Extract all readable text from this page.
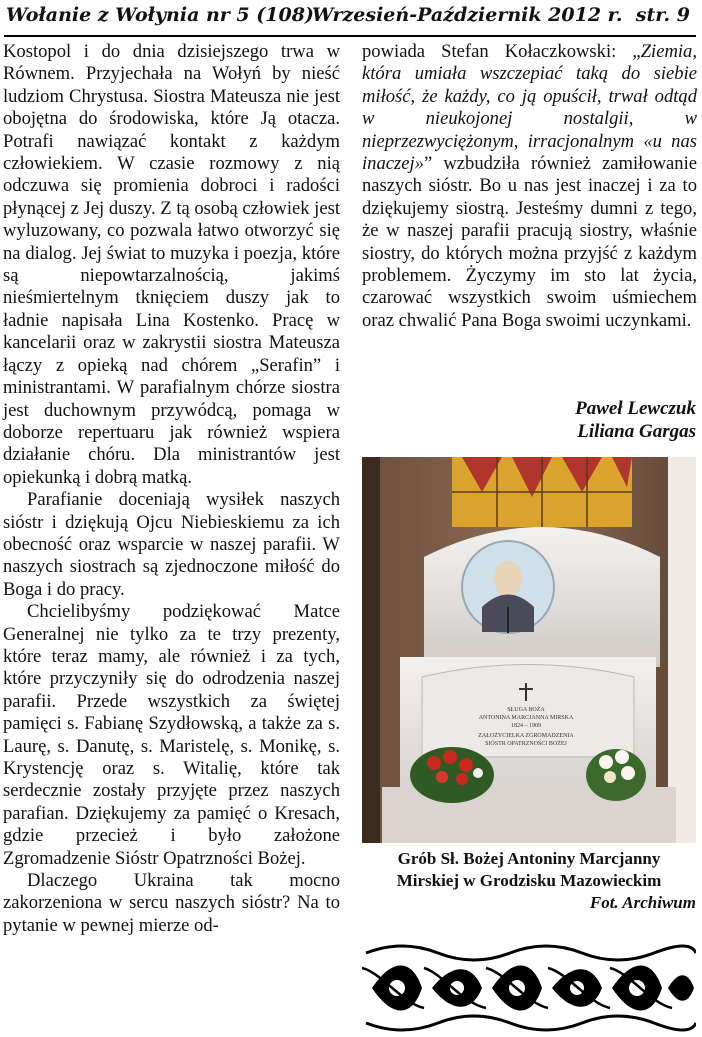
Wołanie z Wołynia nr 5 (108)
Wrzesień-Październik 2012 r. str. 9

Kostopol i do dnia dzisiejszego trwa w Równem. Przyjechała na Wołyń by nieść ludziom Chrystusa. Siostra Mateusza nie jest obojętna do środowiska, które Ją otacza. Potrafi nawiązać kontakt z każdym człowiekiem. W czasie rozmowy z nią odczuwa się promienia dobroci i radości płynącej z Jej duszy. Z tą osobą człowiek jest wyluzowany, co pozwala łatwo otworzyć się na dialog. Jej świat to muzyka i poezja, które są niepowtarzalnością, jakimś nieśmiertelnym tknięciem duszy jak to ładnie napisała Lina Kostenko. Pracę w kancelarii oraz w zakrystii siostra Mateusza łączy z opieką nad chórem „Serafin” i ministrantami. W parafialnym chórze siostra jest duchownym przywódcą, pomaga w doborze repertuaru jak również wspiera działanie chóru. Dla ministrantów jest opiekunką i dobrą matką.

Parafianie doceniają wysiłek naszych sióstr i dziękują Ojcu Niebieskiemu za ich obecność oraz wsparcie w naszej parafii. W naszych siostrach są zjednoczone miłość do Boga i do pracy.

Chcielibyśmy podziękować Matce Generalnej nie tylko za te trzy prezenty, które teraz mamy, ale również i za tych, które przyczyniły się do odrodzenia naszej parafii. Przede wszystkich za świętej pamięci s. Fabianę Szydłowską, a także za s. Laurę, s. Danutę, s. Maristelę, s. Monikę, s. Krystencję oraz s. Witalię, które tak serdecznie zostały przyjęte przez naszych parafian. Dziękujemy za pamięć o Kresach, gdzie przecież i było założone Zgromadzenie Sióstr Opatrzności Bożej.

Dlaczego Ukraina tak mocno zakorzeniona w sercu naszych sióstr? Na to pytanie w pewnej mierze od-

powiada Stefan Kołaczkowski: „Ziemia, która umiała wszczepiać taką do siebie miłość, że każdy, co ją opuścił, trwał odtąd w nieukojonej nostalgii, w nieprzezwyciężonym, irracjonalnym «u nas inaczej»” wzbudziła również zamiłowanie naszych sióstr. Bo u nas jest inaczej i za to dziękujemy siostrą. Jesteśmy dumni z tego, że w naszej parafii pracują siostry, właśnie siostry, do których można przyjść z każdym problemem. Życzymy im sto lat życia, czarować wszystkich swoim uśmiechem oraz chwalić Pana Boga swoimi uczynkami.

Paweł Lewczuk
Liliana Gargas
SŁUGA BOŻA
ANTONINA MARCJANNA MIRSKA
1824 – 1909
ZAŁOŻYCIELKA ZGROMADZENIA
SIÓSTR OPATRZNOŚCI BOŻEJ
Grób Sł. Bożej Antoniny Marcjanny
Mirskiej w Grodzisku Mazowieckim
Fot. Archiwum
